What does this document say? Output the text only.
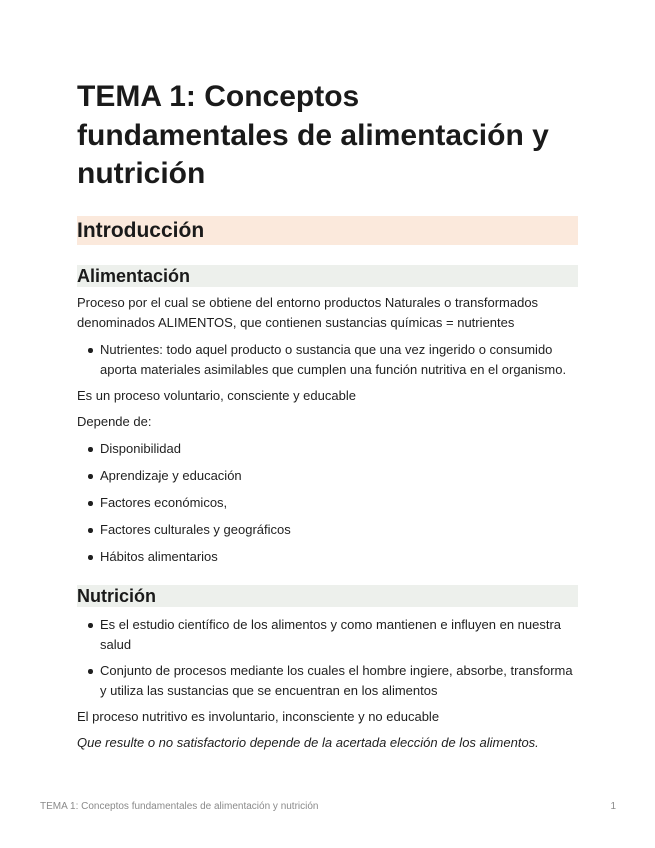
TEMA 1: Conceptos fundamentales de alimentación y nutrición
Introducción
Alimentación
Proceso por el cual se obtiene del entorno productos Naturales o transformados denominados ALIMENTOS, que contienen sustancias químicas = nutrientes
Nutrientes: todo aquel producto o sustancia que una vez ingerido o consumido aporta materiales asimilables que cumplen una función nutritiva en el organismo.
Es un proceso voluntario, consciente y educable
Depende de:
Disponibilidad
Aprendizaje y educación
Factores económicos,
Factores culturales y geográficos
Hábitos alimentarios
Nutrición
Es el estudio científico de los alimentos y como mantienen e influyen en nuestra salud
Conjunto de procesos mediante los cuales el hombre ingiere, absorbe, transforma y utiliza las sustancias que se encuentran en los alimentos
El proceso nutritivo es involuntario, inconsciente y no educable
Que resulte o no satisfactorio depende de la acertada elección de los alimentos.
TEMA 1: Conceptos fundamentales de alimentación y nutrición	1
